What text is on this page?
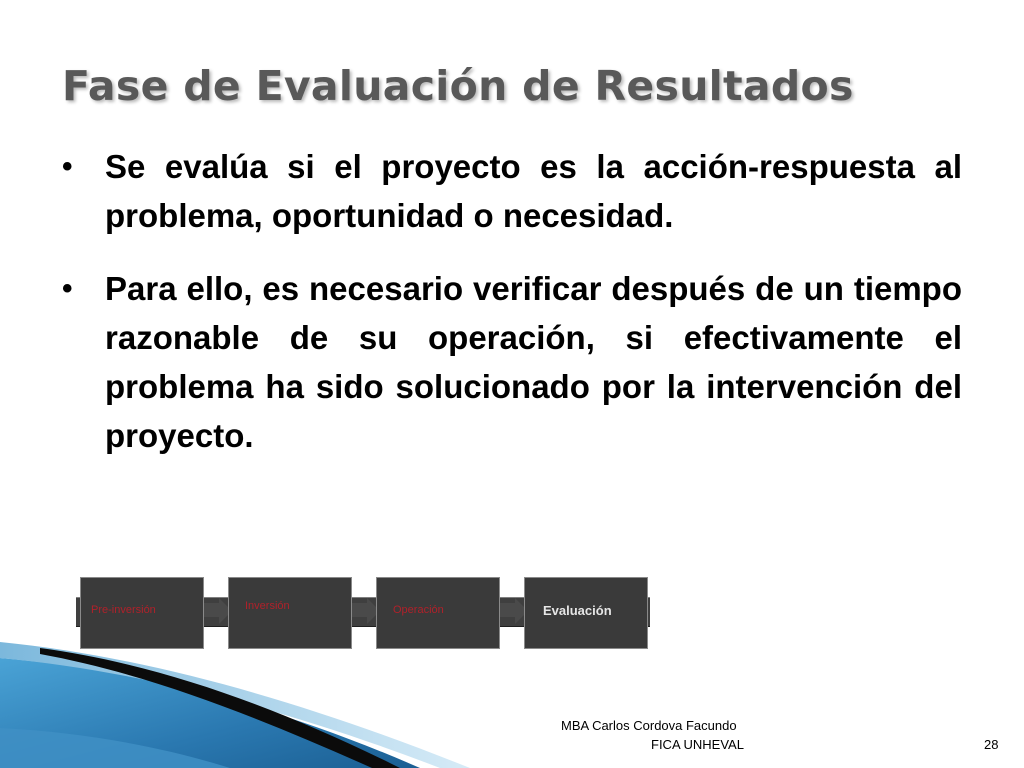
Fase de Evaluación de Resultados
• Se evalúa si el proyecto es la acción-respuesta al problema, oportunidad o necesidad.
• Para ello, es necesario verificar después de un tiempo razonable de su operación, si efectivamente el problema ha sido solucionado por la intervención del proyecto.
Pre-inversión	Inversión	Operación	Evaluación
MBA Carlos Cordova Facundo
FICA UNHEVAL	28
